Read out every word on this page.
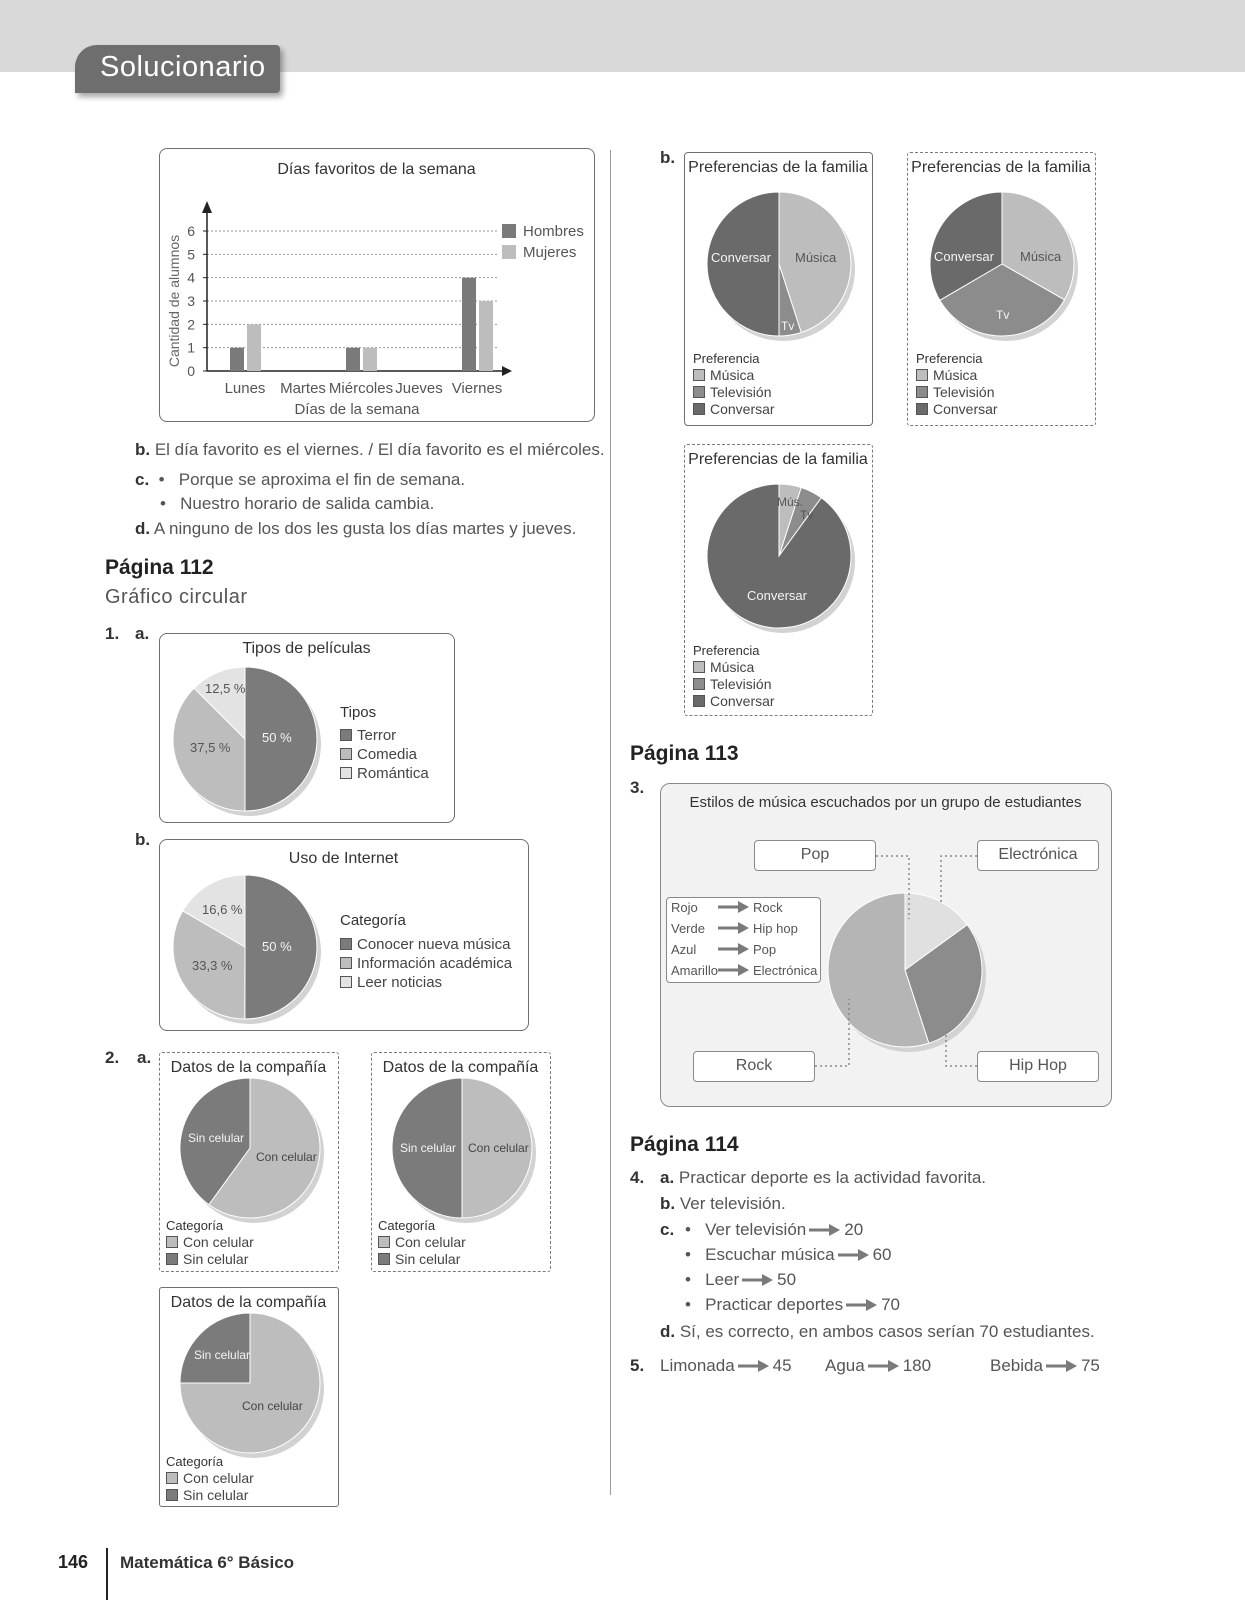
Solucionario
Días favoritos de la semana
0
1
2
3
4
5
6
Cantidad de alumnos
Lunes Martes Miércoles Jueves Viernes
Días de la semana
Hombres
Mujeres
b. El día favorito es el viernes. / El día favorito es el miércoles.
c.  •   Porque se aproxima el fin de semana.
•   Nuestro horario de salida cambia.
d. A ninguno de los dos les gusta los días martes y jueves.
Página 112
Gráfico circular
1. a.
Tipos de películas
50 %
37,5 %
12,5 %
Tipos
Terror
Comedia
Romántica
b.
Uso de Internet
50 %
33,3 %
16,6 %
Categoría
Conocer nueva música
Información académica
Leer noticias
2. a.
Datos de la compañía
Con celular
Sin celular
Categoría
Con celular
Sin celular
Datos de la compañía
Con celular
Sin celular
Categoría
Con celular
Sin celular
Datos de la compañía
Con celular
Sin celular
Categoría
Con celular
Sin celular
b.
Preferencias de la familia
Música
Tv
Conversar
Preferencia
Música
Televisión
Conversar
Preferencias de la familia
Música
Tv
Conversar
Preferencia
Música
Televisión
Conversar
Preferencias de la familia
Mús.
Tv
Conversar
Preferencia
Música
Televisión
Conversar
Página 113
3.
Estilos de música escuchados por un grupo de estudiantes
Pop	Electrónica
Rock	Hip Hop
Rojo	Rock
Verde	Hip hop
Azul	Pop
Amarillo	Electrónica
Página 114
4. a. Practicar deporte es la actividad favorita.
b. Ver televisión.
c. •   Ver televisión 20
•   Escuchar música 60
•   Leer 50
•   Practicar deportes 70
d. Sí, es correcto, en ambos casos serían 70 estudiantes.
5. Limonada 45 Agua 180	Bebida 75
146 Matemática 6° Básico
